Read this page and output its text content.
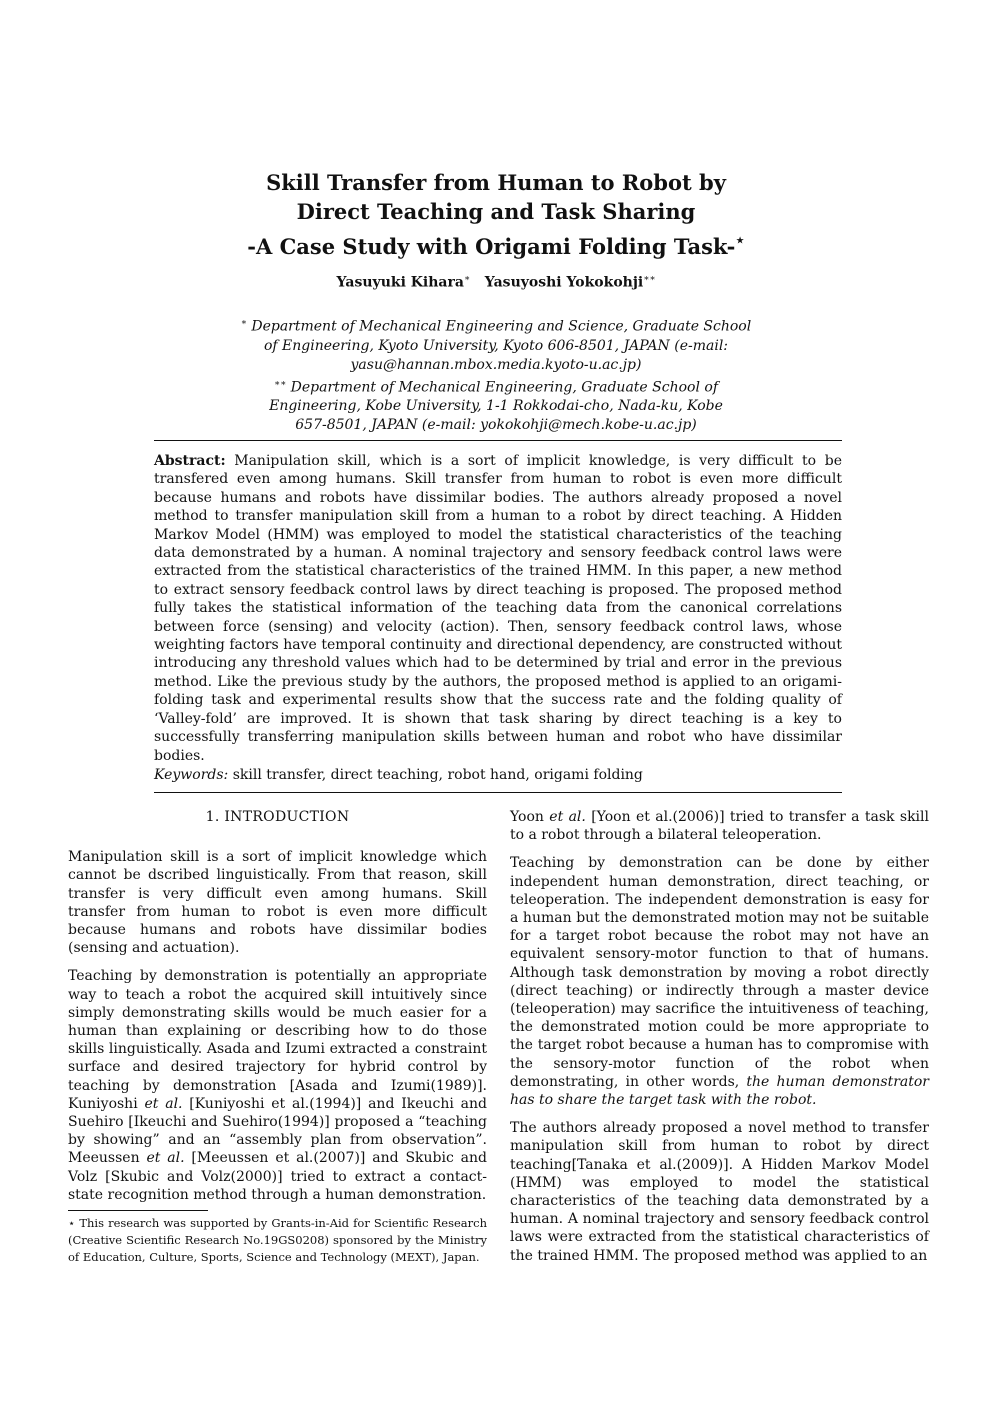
Skill Transfer from Human to Robot by
Direct Teaching and Task Sharing
-A Case Study with Origami Folding Task-⋆
Yasuyuki Kihara∗ Yasuyoshi Yokokohji∗∗
∗ Department of Mechanical Engineering and Science, Graduate School
of Engineering, Kyoto University, Kyoto 606-8501, JAPAN (e-mail:
yasu@hannan.mbox.media.kyoto-u.ac.jp)
∗∗ Department of Mechanical Engineering, Graduate School of
Engineering, Kobe University, 1-1 Rokkodai-cho, Nada-ku, Kobe
657-8501, JAPAN (e-mail: yokokohji@mech.kobe-u.ac.jp)
Abstract: Manipulation skill, which is a sort of implicit knowledge, is very difficult to be transfered even among humans. Skill transfer from human to robot is even more difficult because humans and robots have dissimilar bodies. The authors already proposed a novel method to transfer manipulation skill from a human to a robot by direct teaching. A Hidden Markov Model (HMM) was employed to model the statistical characteristics of the teaching data demonstrated by a human. A nominal trajectory and sensory feedback control laws were extracted from the statistical characteristics of the trained HMM. In this paper, a new method to extract sensory feedback control laws by direct teaching is proposed. The proposed method fully takes the statistical information of the teaching data from the canonical correlations between force (sensing) and velocity (action). Then, sensory feedback control laws, whose weighting factors have temporal continuity and directional dependency, are constructed without introducing any threshold values which had to be determined by trial and error in the previous method. Like the previous study by the authors, the proposed method is applied to an origami-folding task and experimental results show that the success rate and the folding quality of ‘Valley-fold’ are improved. It is shown that task sharing by direct teaching is a key to successfully transferring manipulation skills between human and robot who have dissimilar bodies.
Keywords: skill transfer, direct teaching, robot hand, origami folding
1. INTRODUCTION
Manipulation skill is a sort of implicit knowledge which cannot be dscribed linguistically. From that reason, skill transfer is very difficult even among humans. Skill transfer from human to robot is even more difficult because humans and robots have dissimilar bodies (sensing and actuation).
Teaching by demonstration is potentially an appropriate way to teach a robot the acquired skill intuitively since simply demonstrating skills would be much easier for a human than explaining or describing how to do those skills linguistically. Asada and Izumi extracted a constraint surface and desired trajectory for hybrid control by teaching by demonstration [Asada and Izumi(1989)]. Kuniyoshi et al. [Kuniyoshi et al.(1994)] and Ikeuchi and Suehiro [Ikeuchi and Suehiro(1994)] proposed a “teaching by showing” and an “assembly plan from observation”. Meeussen et al. [Meeussen et al.(2007)] and Skubic and Volz [Skubic and Volz(2000)] tried to extract a contact-state recognition method through a human demonstration.
Yoon et al. [Yoon et al.(2006)] tried to transfer a task skill to a robot through a bilateral teleoperation.
Teaching by demonstration can be done by either independent human demonstration, direct teaching, or teleoperation. The independent demonstration is easy for a human but the demonstrated motion may not be suitable for a target robot because the robot may not have an equivalent sensory-motor function to that of humans. Although task demonstration by moving a robot directly (direct teaching) or indirectly through a master device (teleoperation) may sacrifice the intuitiveness of teaching, the demonstrated motion could be more appropriate to the target robot because a human has to compromise with the sensory-motor function of the robot when demonstrating, in other words, the human demonstrator has to share the target task with the robot.
The authors already proposed a novel method to transfer manipulation skill from human to robot by direct teaching[Tanaka et al.(2009)]. A Hidden Markov Model (HMM) was employed to model the statistical characteristics of the teaching data demonstrated by a human. A nominal trajectory and sensory feedback control laws were extracted from the statistical characteristics of the trained HMM. The proposed method was applied to an
⋆ This research was supported by Grants-in-Aid for Scientific Research (Creative Scientific Research No.19GS0208) sponsored by the Ministry of Education, Culture, Sports, Science and Technology (MEXT), Japan.
